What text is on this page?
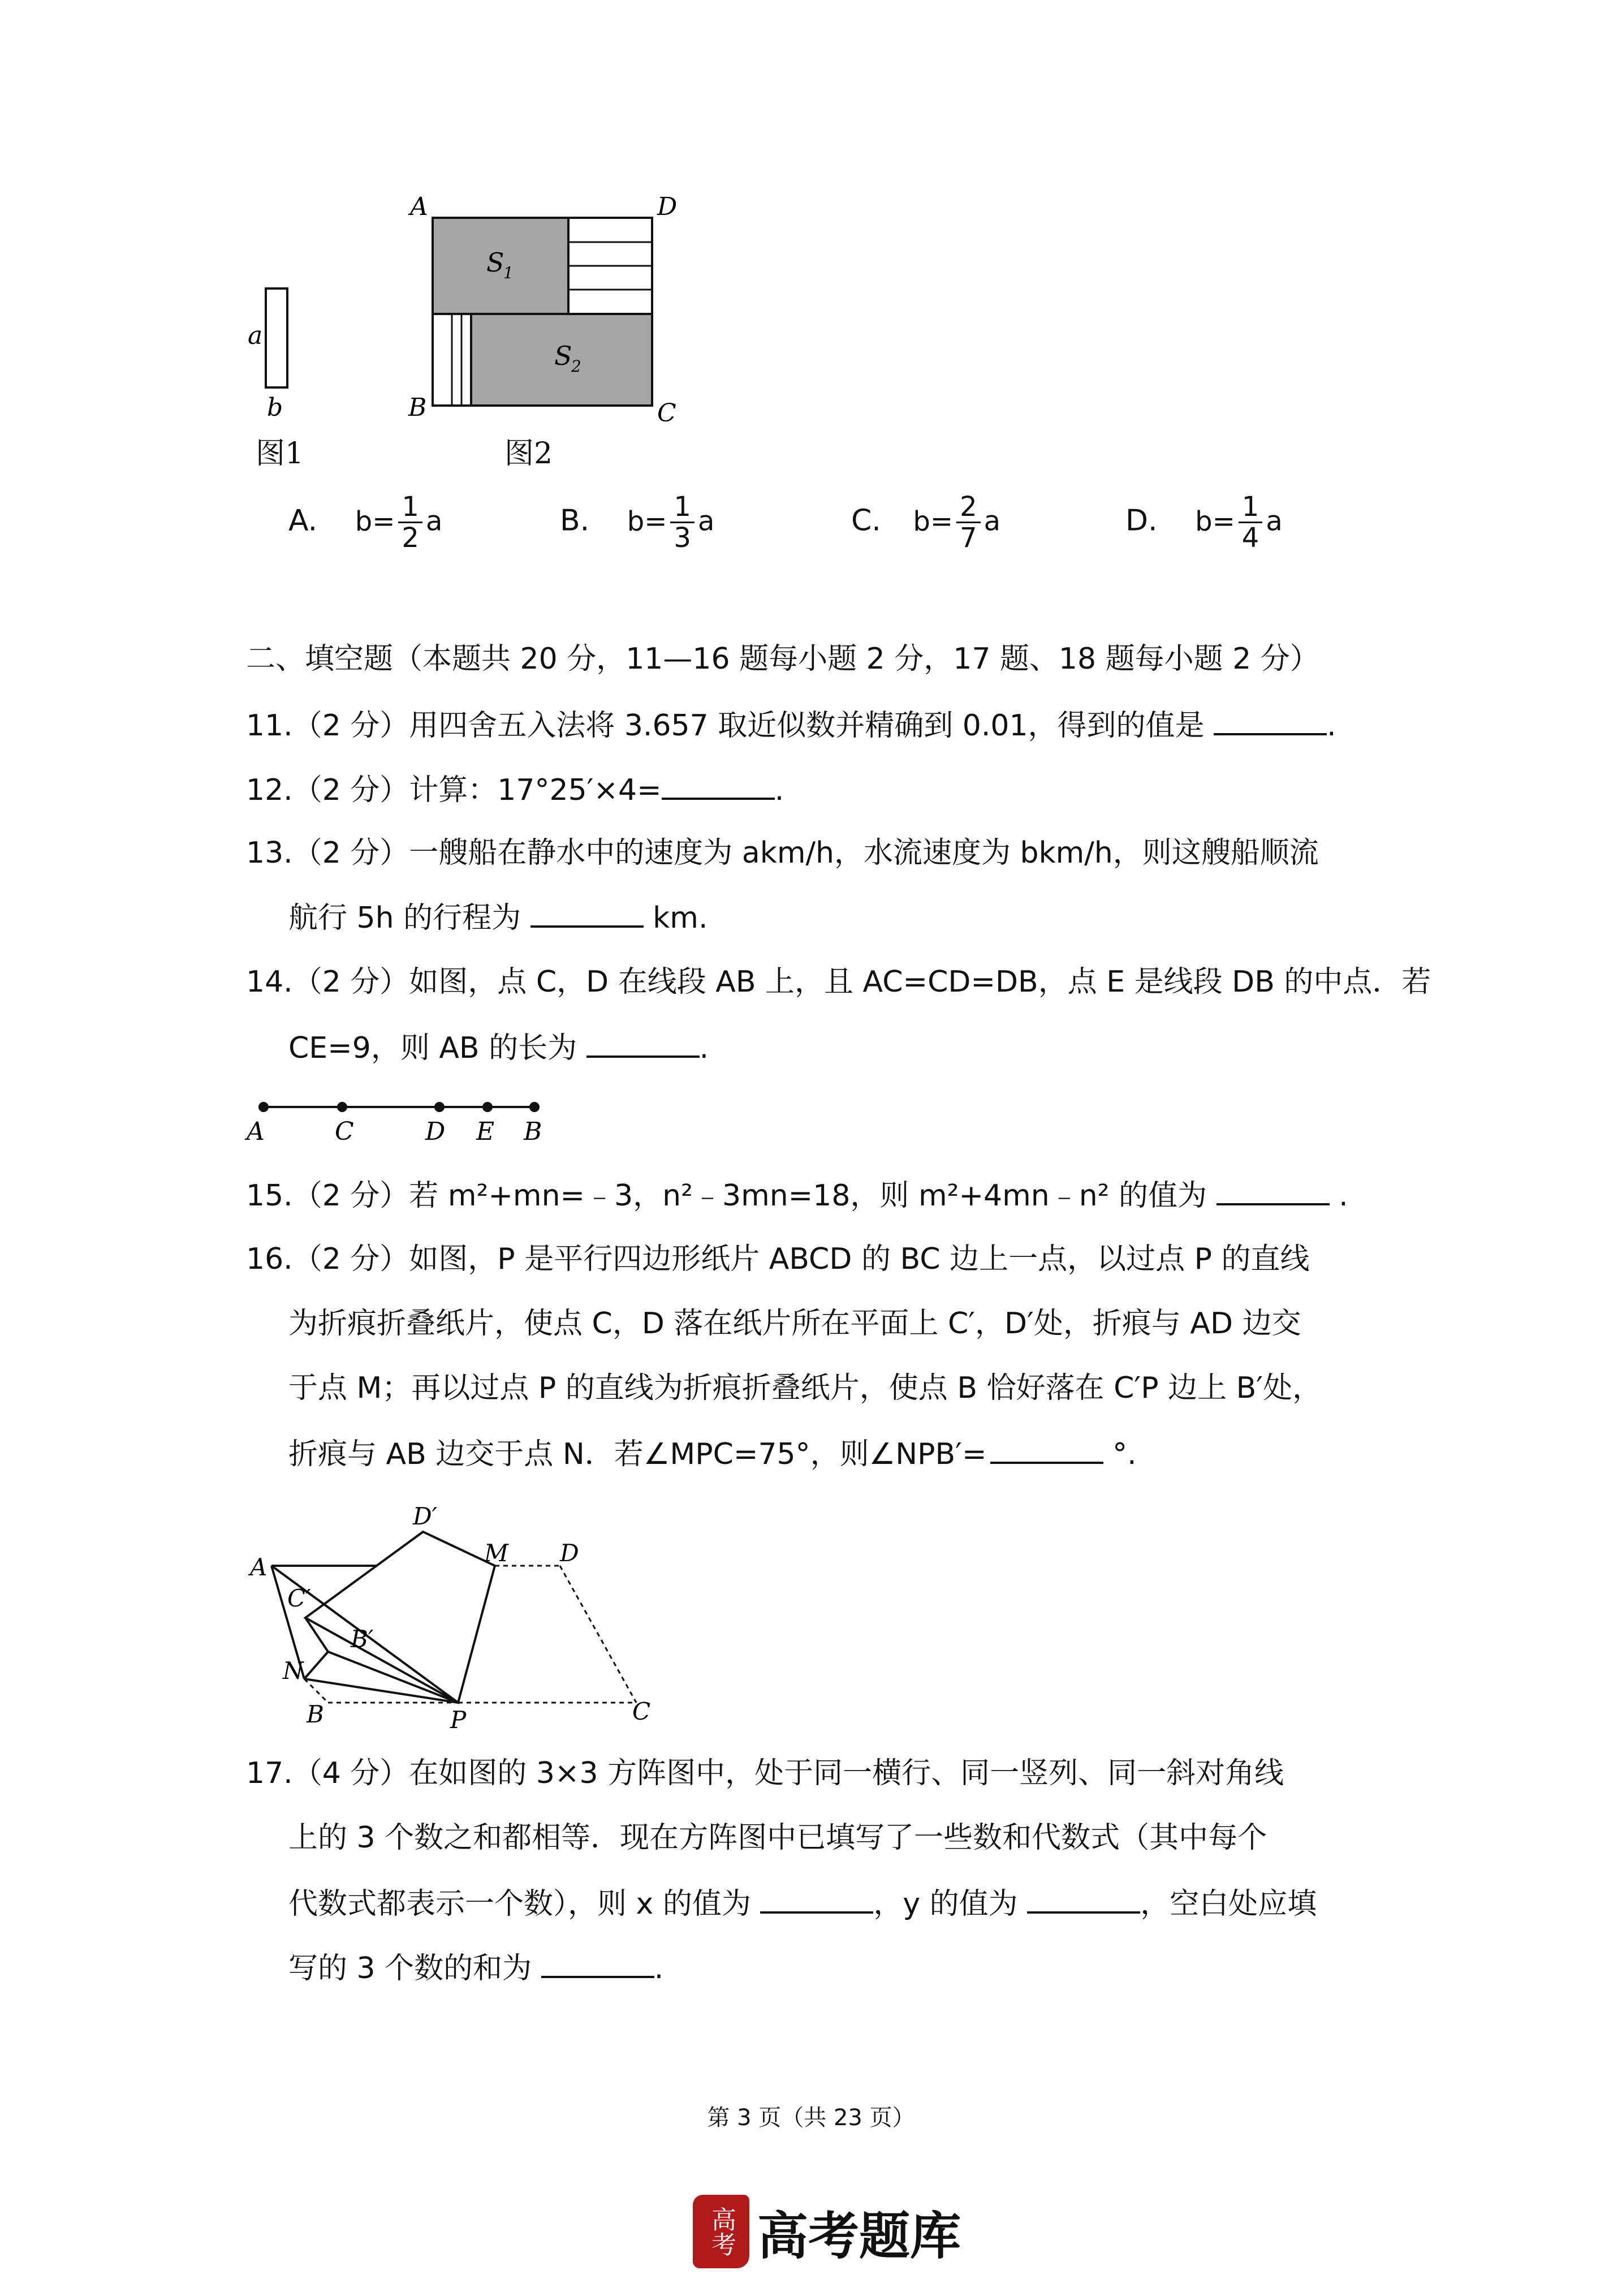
a
b
A	D
B	C
S
1
S
2
图1	图2
A. $b= \frac{1}{2}$ a	B. $b= \frac{1}{3}$ a	C. $b= \frac{2}{7}$ a	D. $b= \frac{1}{4}$ a
二、填空题（本题共 20 分，11—16 题每小题 2 分，17 题、18 题每小题 2 分）
11.（2 分）用四舍五入法将 3.657 取近似数并精确到 0.01，得到的值是	.
12.（2 分）计算：17°25′×4=	.
13.（2 分）一艘船在静水中的速度为 akm/h，水流速度为 bkm/h，则这艘船顺流
航行 5h 的行程为	km.
14.（2 分）如图，点 C，D 在线段 AB 上，且 AC=CD=DB，点 E 是线段 DB 的中点．若
CE=9，则 AB 的长为	.
A	C	D E B
15.（2 分）若 m²+mn=﹣3，n²﹣3mn=18，则 m²+4mn﹣n² 的值为	.
16.（2 分）如图，P 是平行四边形纸片 ABCD 的 BC 边上一点，以过点 P 的直线
为折痕折叠纸片，使点 C，D 落在纸片所在平面上 C′，D′处，折痕与 AD 边交
于点 M；再以过点 P 的直线为折痕折叠纸片，使点 B 恰好落在 C′P 边上 B′处，
折痕与 AB 边交于点 N．若∠MPC=75°，则∠NPB′=	°.
A
D′
M D
C′
B′
N
B	P	C
17.（4 分）在如图的 3×3 方阵图中，处于同一横行、同一竖列、同一斜对角线
上的 3 个数之和都相等．现在方阵图中已填写了一些数和代数式（其中每个
代数式都表示一个数），则 x 的值为	，y 的值为	，空白处应填
写的 3 个数的和为	.
第 3 页（共 23 页）
高考 高考题库
